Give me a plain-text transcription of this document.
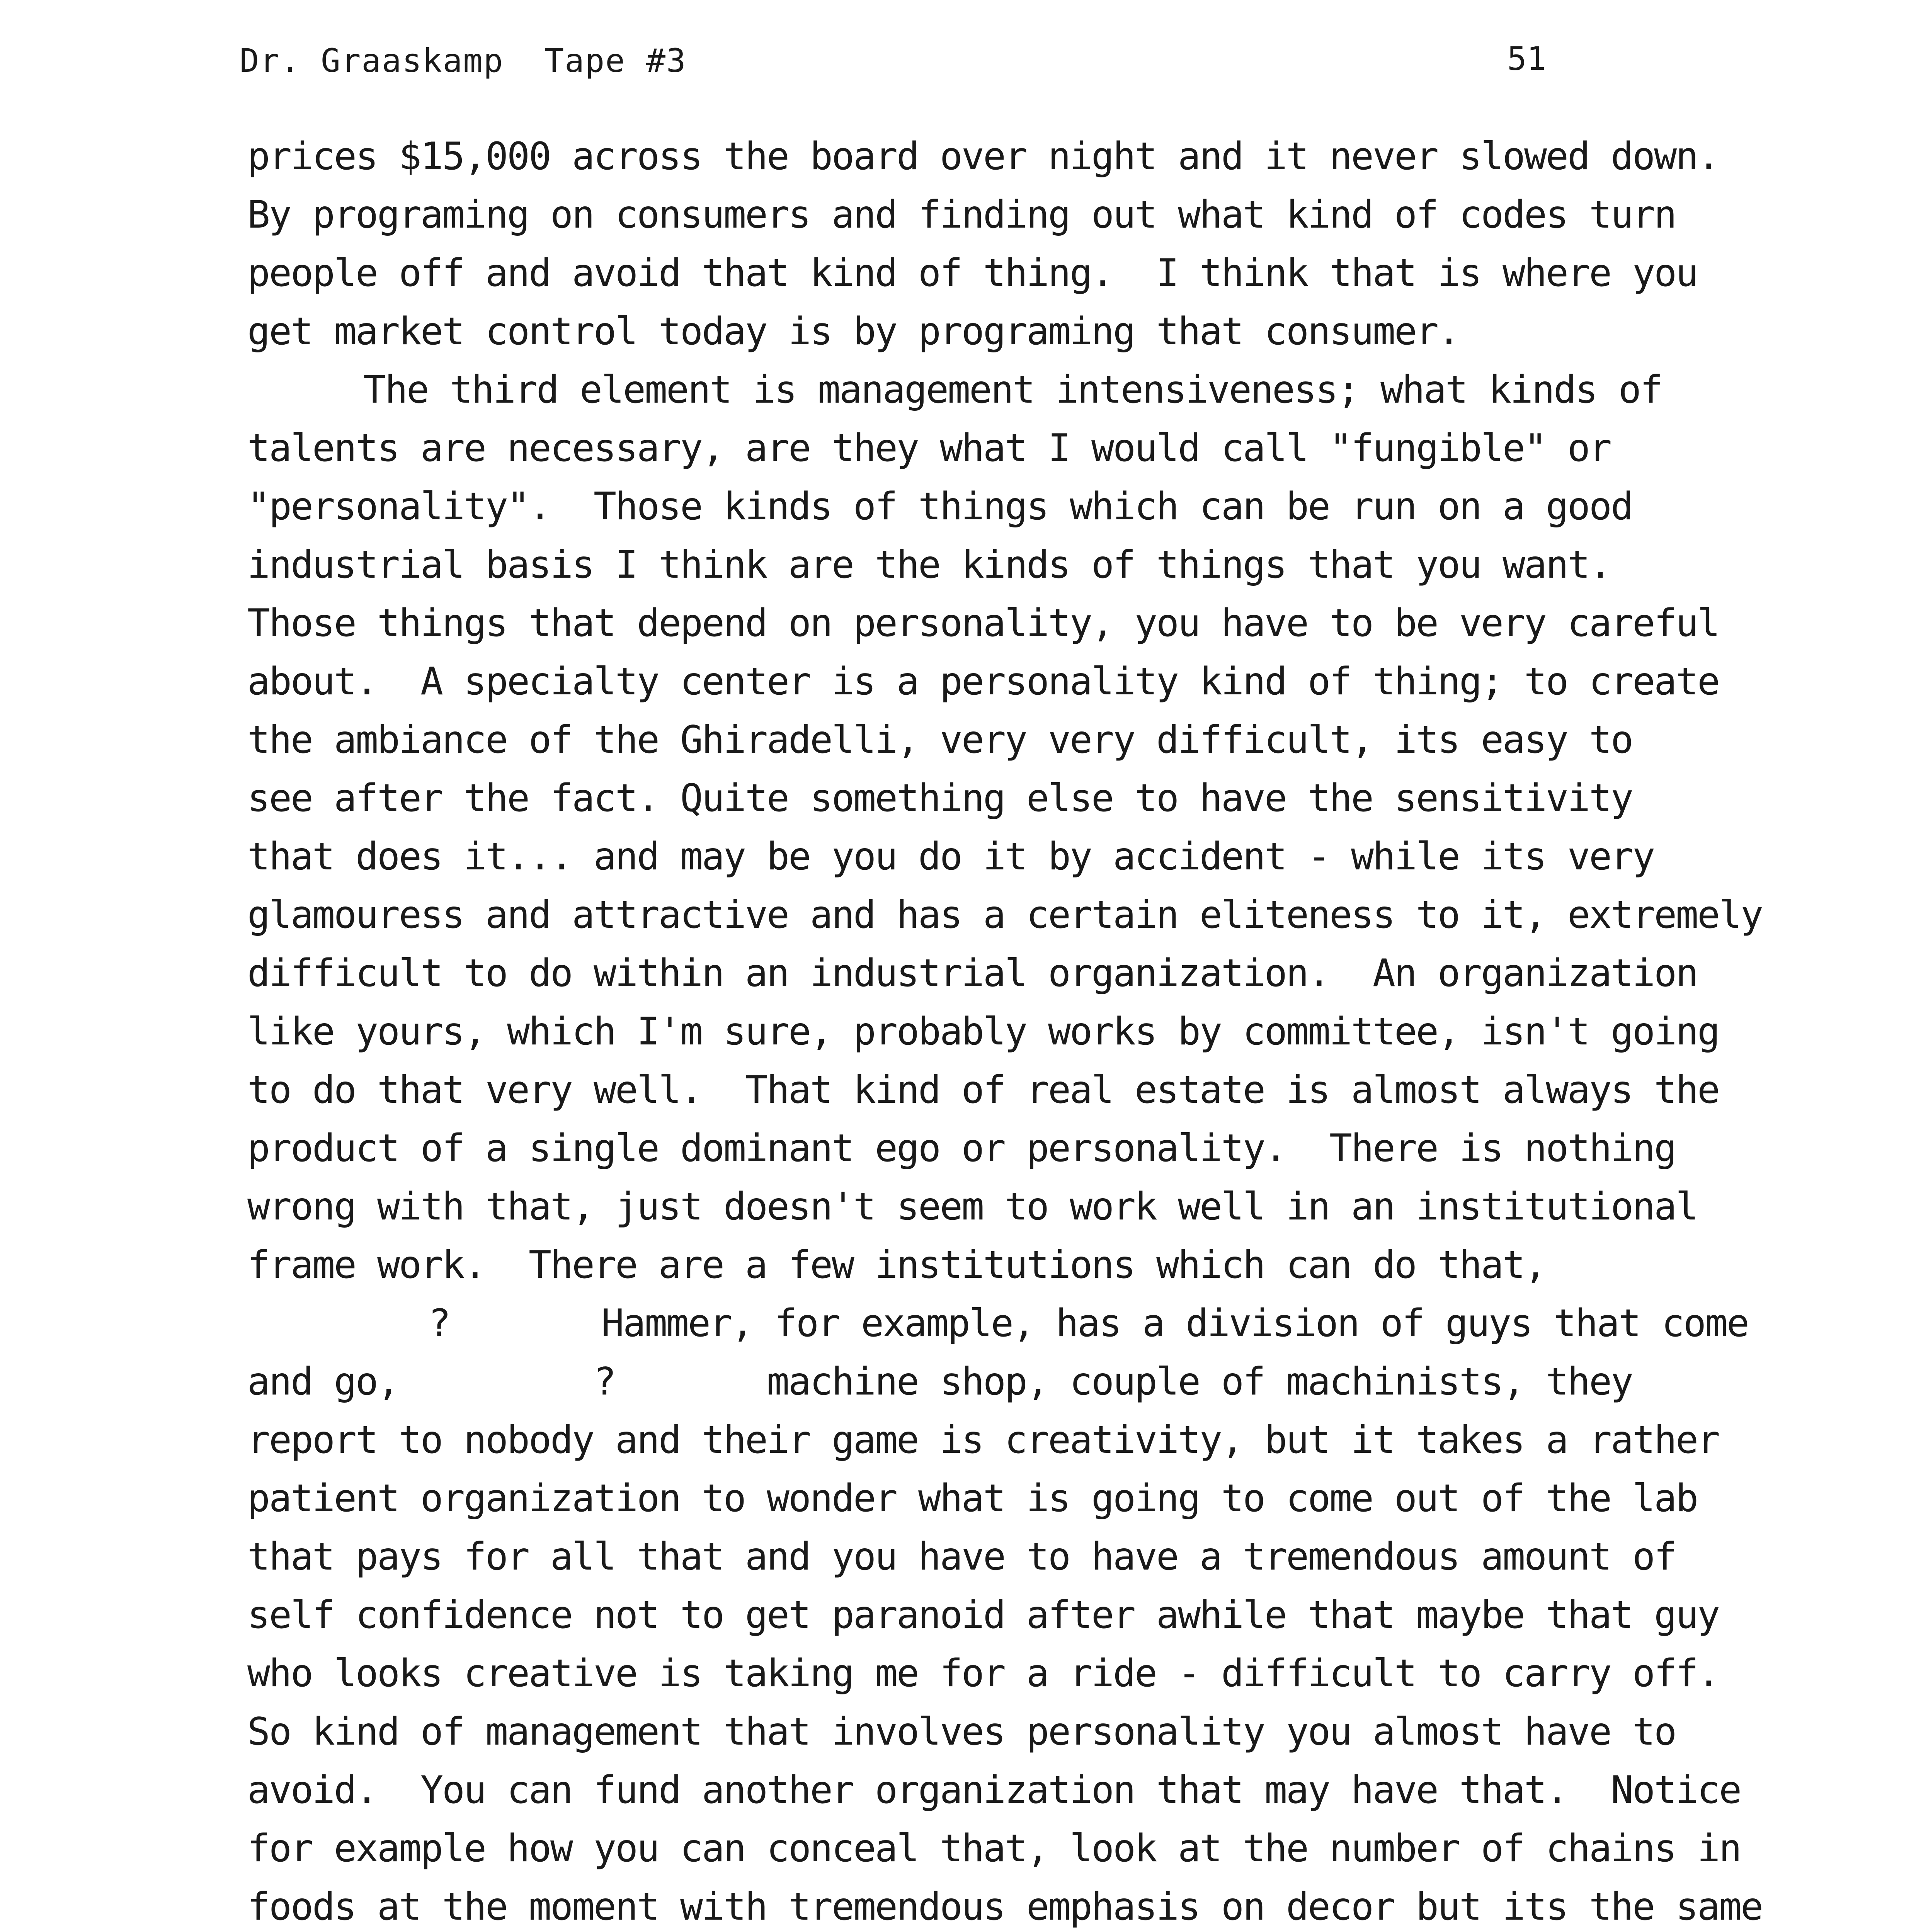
Dr. Graaskamp  Tape #3	51
prices $15,000 across the board over night and it never slowed down.
By programing on consumers and finding out what kind of codes turn
people off and avoid that kind of thing.  I think that is where you
get market control today is by programing that consumer.
The third element is management intensiveness; what kinds of
talents are necessary, are they what I would call "fungible" or
"personality".  Those kinds of things which can be run on a good
industrial basis I think are the kinds of things that you want.
Those things that depend on personality, you have to be very careful
about.  A specialty center is a personality kind of thing; to create
the ambiance of the Ghiradelli, very very difficult, its easy to
see after the fact. Quite something else to have the sensitivity
that does it... and may be you do it by accident - while its very
glamouress and attractive and has a certain eliteness to it, extremely
difficult to do within an industrial organization.  An organization
like yours, which I'm sure, probably works by committee, isn't going
to do that very well.  That kind of real estate is almost always the
product of a single dominant ego or personality.  There is nothing
wrong with that, just doesn't seem to work well in an institutional
frame work.  There are a few institutions which can do that,
?       Hammer, for example, has a division of guys that come
and go,         ?       machine shop, couple of machinists, they
report to nobody and their game is creativity, but it takes a rather
patient organization to wonder what is going to come out of the lab
that pays for all that and you have to have a tremendous amount of
self confidence not to get paranoid after awhile that maybe that guy
who looks creative is taking me for a ride - difficult to carry off.
So kind of management that involves personality you almost have to
avoid.  You can fund another organization that may have that.  Notice
for example how you can conceal that, look at the number of chains in
foods at the moment with tremendous emphasis on decor but its the same
